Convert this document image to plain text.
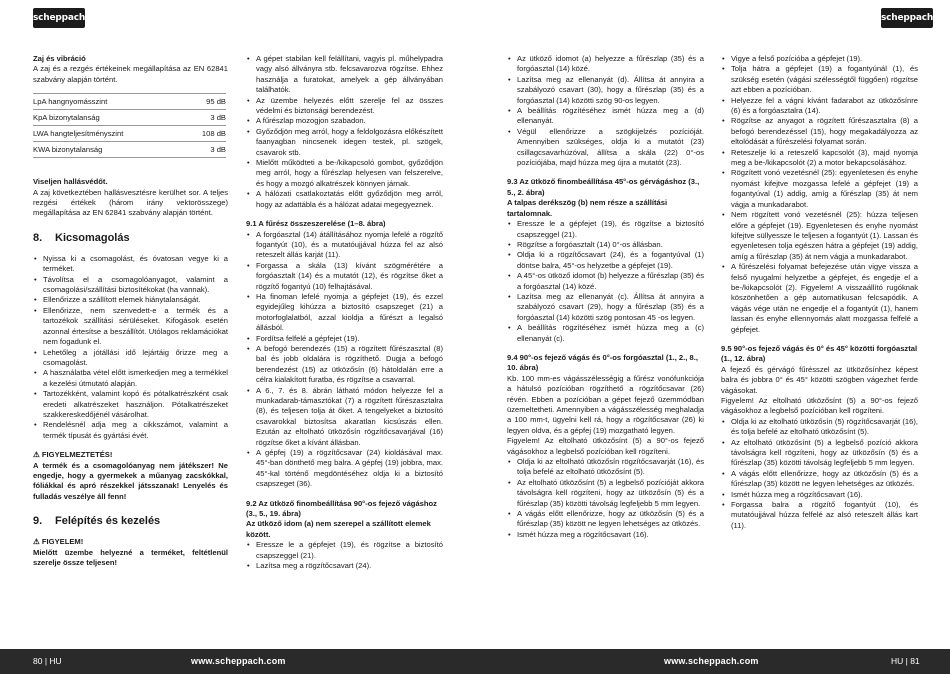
scheppach	scheppach

Zaj és vibráció

A zaj és a rezgés értékeinek megállapítása az EN 62841 szabvány alapján történt.

LpA hangnyomásszint	95 dB
KpA bizonytalanság	3 dB
LWA hangteljesítményszint	108 dB
KWA bizonytalanság	3 dB

Viseljen hallásvédőt.

A zaj következtében hallásvesztésre kerülhet sor. A teljes rezgési értékek (három irány vektorösszege) megállapítása az EN 62841 szabvány alapján történt.

8. Kicsomagolás

• Nyissa ki a csomagolást, és óvatosan vegye ki a terméket.
• Távolítsa el a csomagolóanyagot, valamint a csomagolási/szállítási biztosítékokat (ha vannak).
• Ellenőrizze a szállított elemek hiánytalanságát.
• Ellenőrizze, nem szenvedett-e a termék és a tartozékok szállítási sérüléseket. Kifogások esetén azonnal értesítse a beszállítót. Utólagos reklamációkat nem fogadunk el.
• Lehetőleg a jótállási idő lejártáig őrizze meg a csomagolást.
• A használatba vétel előtt ismerkedjen meg a termékkel a kezelési útmutató alapján.
• Tartozékként, valamint kopó és pótalkatrészként csak eredeti alkatrészeket használjon. Pótalkatrészeket szakkereskedőjénél vásárolhat.
• Rendelésnél adja meg a cikkszámot, valamint a termék típusát és gyártási évét.

⚠ FIGYELMEZTETÉS!

A termék és a csomagolóanyag nem játékszer! Ne engedje, hogy a gyermekek a műanyag zacskókkal, fóliákkal és apró részekkel játsszanak! Lenyelés és fulladás veszélye áll fenn!

9. Felépítés és kezelés

⚠ FIGYELEM!

Mielőtt üzembe helyezné a terméket, feltétlenül szerelje össze teljesen!

• A gépet stabilan kell felállítani, vagyis pl. műhelypadra vagy alsó állványra stb. felcsavarozva rögzítse. Ehhez használja a furatokat, amelyek a gép állványában találhatók.
• Az üzembe helyezés előtt szerelje fel az összes védelmi és biztonsági berendezést.
• A fűrészlap mozogjon szabadon.
• Győződjön meg arról, hogy a feldolgozásra előkészített faanyagban nincsenek idegen testek, pl. szögek, csavarok stb.
• Mielőtt működteti a be-/kikapcsoló gombot, győződjön meg arról, hogy a fűrészlap helyesen van felszerelve, és hogy a mozgó alkatrészek könnyen járnak.
• A hálózati csatlakoztatás előtt győződjön meg arról, hogy az adattábla és a hálózat adatai megegyeznek.

9.1 A fűrész összeszerelése (1–8. ábra)

• A forgóasztal (14) átállításához nyomja lefelé a rögzítő fogantyút (10), és a mutatóujjával húzza fel az alsó reteszelt állás karját (11).
• Forgassa a skála (13) kívánt szögmérétére a forgóasztalt (14) és a mutatót (12), és rögzítse őket a rögzítő fogantyú (10) felhajtásával.
• Ha finoman lefelé nyomja a gépfejet (19), és ezzel egyidejűleg kihúzza a biztosító csapszeget (21) a motorfoglalatból, azzal kioldja a fűrészt a legalsó állásból.
• Fordítsa felfelé a gépfejet (19).
• A befogó berendezés (15) a rögzített fűrészasztal (8) bal és jobb oldalára is rögzíthető. Dugja a befogó berendezést (15) az ütközősín (6) hátoldalán erre a célra kialakított furatba, és rögzítse a csavarral.
• A 6., 7. és 8. ábrán látható módon helyezze fel a munkadarab-támasztókat (7) a rögzített fűrészasztalra (8), és teljesen tolja át őket. A tengelyeket a biztosító csavarokkal biztosítsa akaratlan kicsúszás ellen. Ezután az eltolható ütközősín rögzítőcsavarjával (16) rögzítse őket a kívánt állásban.
• A gépfej (19) a rögzítőcsavar (24) kioldásával max. 45°-ban dönthető meg balra. A gépfej (19) jobbra, max. 45°-kal történő megdöntéséhez oldja ki a biztosító csapszeget (36).

9.2 Az ütköző finombeállítása 90°-os fejező vágáshoz (3., 5., 19. ábra)

Az ütköző idom (a) nem szerepel a szállított elemek között.

• Eressze le a gépfejet (19), és rögzítse a biztosító csapszeggel (21).
• Lazítsa meg a rögzítőcsavart (24).
• Az ütköző idomot (a) helyezze a fűrészlap (35) és a forgóasztal (14) közé.
• Lazítsa meg az ellenanyát (d). Állítsa át annyira a szabályozó csavart (30), hogy a fűrészlap (35) és a forgóasztal (14) közötti szög 90-os legyen.
• A beállítás rögzítéséhez ismét húzza meg a (d) ellenanyát.
• Végül ellenőrizze a szögkijelzés pozícióját. Amennyiben szükséges, oldja ki a mutatót (23) csillagcsavarhúzóval, állítsa a skála (22) 0°-os pozíciójába, majd húzza meg újra a mutatót (23).

9.3 Az ütköző finombeállítása 45°-os gérvágáshoz (3., 5., 2. ábra)

A talpas derékszög (b) nem része a szállítási tartalomnak.

• Eressze le a gépfejet (19), és rögzítse a biztosító csapszeggel (21).
• Rögzítse a forgóasztalt (14) 0°-os állásban.
• Oldja ki a rögzítőcsavart (24), és a fogantyúval (1) döntse balra, 45°-os helyzetbe a gépfejet (19).
• A 45°-os ütköző idomot (b) helyezze a fűrészlap (35) és a forgóasztal (14) közé.
• Lazítsa meg az ellenanyát (c). Állítsa át annyira a szabályozó csavart (29), hogy a fűrészlap (35) és a forgóasztal (14) közötti szög pontosan 45 -os legyen.
• A beállítás rögzítéséhez ismét húzza meg a (c) ellenanyát (c).

9.4 90°-os fejező vágás és 0°-os forgóasztal (1., 2., 8., 10. ábra)

Kb. 100 mm-es vágásszélességig a fűrész vonófunkciója a hátulsó pozícióban rögzíthető a rögzítőcsavar (26) révén. Ebben a pozícióban a gépet fejező üzemmódban üzemeltetheti. Amennyiben a vágásszélesség meghaladja a 100 mm-t, ügyelni kell rá, hogy a rögzítőcsavar (26) ki legyen oldva, és a gépfej (19) mozgatható legyen.

Figyelem! Az eltolható ütközősínt (5) a 90°-os fejező vágásokhoz a legbelső pozícióban kell rögzíteni.

• Oldja ki az eltolható ütközősín rögzítőcsavarját (16), és tolja befelé az eltolható ütközősínt (5).
• Az eltolható ütközősínt (5) a legbelső pozícióját akkora távolságra kell rögzíteni, hogy az ütközősín (5) és a fűrészlap (35) közötti távolság legfeljebb 5 mm legyen.
• A vágás előtt ellenőrizze, hogy az ütközősín (5) és a fűrészlap (35) között ne legyen lehetséges az ütközés.
• Ismét húzza meg a rögzítőcsavart (16).
• Vigye a felső pozícióba a gépfejet (19).
• Tolja hátra a gépfejet (19) a fogantyúnál (1), és szükség esetén (vágási szélességtől függően) rögzítse azt ebben a pozícióban.
• Helyezze fel a vágni kívánt fadarabot az ütközősínre (6) és a forgóasztalra (14).
• Rögzítse az anyagot a rögzített fűrészasztalra (8) a befogó berendezéssel (15), hogy megakadályozza az eltolódását a fűrészelési folyamat során.
• Reteszelje ki a reteszelő kapcsolót (3), majd nyomja meg a be-/kikapcsolót (2) a motor bekapcsolásához.
• Rögzített vonó vezetésnél (25): egyenletesen és enyhe nyomást kifejtve mozgassa lefelé a gépfejet (19) a fogantyúval (1) addig, amíg a fűrészlap (35) át nem vágja a munkadarabot.
• Nem rögzített vonó vezetésnél (25): húzza teljesen előre a gépfejet (19). Egyenletesen és enyhe nyomást kifejtve süllyessze le teljesen a fogantyút (1). Lassan és egyenletesen tolja egészen hátra a gépfejet (19) addig, amíg a fűrészlap (35) át nem vágja a munkadarabot.
• A fűrészelési folyamat befejezése után vigye vissza a felső nyugalmi helyzetbe a gépfejet, és engedje el a be-/kikapcsolót (2). Figyelem! A visszaállító rugóknak köszönhetően a gép automatikusan felcsapódik. A vágás vége után ne engedje el a fogantyút (1), hanem lassan és enyhe ellennyomás alatt mozgassa felfelé a gépfejet.

9.5 90°-os fejező vágás és 0° és 45° közötti forgóasztal (1., 12. ábra)

A fejező és gérvágó fűrésszel az ütközősínhez képest balra és jobbra 0° és 45° közötti szögben vágezhet ferde vágásokat.

Figyelem! Az eltolható ütközősínt (5) a 90°-os fejező vágásokhoz a legbelső pozícióban kell rögzíteni.

• Oldja ki az eltolható ütközősín (5) rögzítőcsavarját (16), és tolja befelé az eltolható ütközősínt (5).
• Az eltolható ütközősínt (5) a legbelső pozíció akkora távolságra kell rögzíteni, hogy az ütközősín (5) és a fűrészlap (35) közötti távolság legfeljebb 5 mm legyen.
• A vágás előtt ellenőrizze, hogy az ütközősín (5) és a fűrészlap (35) között ne legyen lehetséges az ütközés.
• Ismét húzza meg a rögzítőcsavart (16).
• Forgassa balra a rögzítő fogantyút (10), és mutatóujjával húzza felfelé az alsó reteszelt állás kart (11).
80 | HU	www.scheppach.com	www.scheppach.com	HU | 81
